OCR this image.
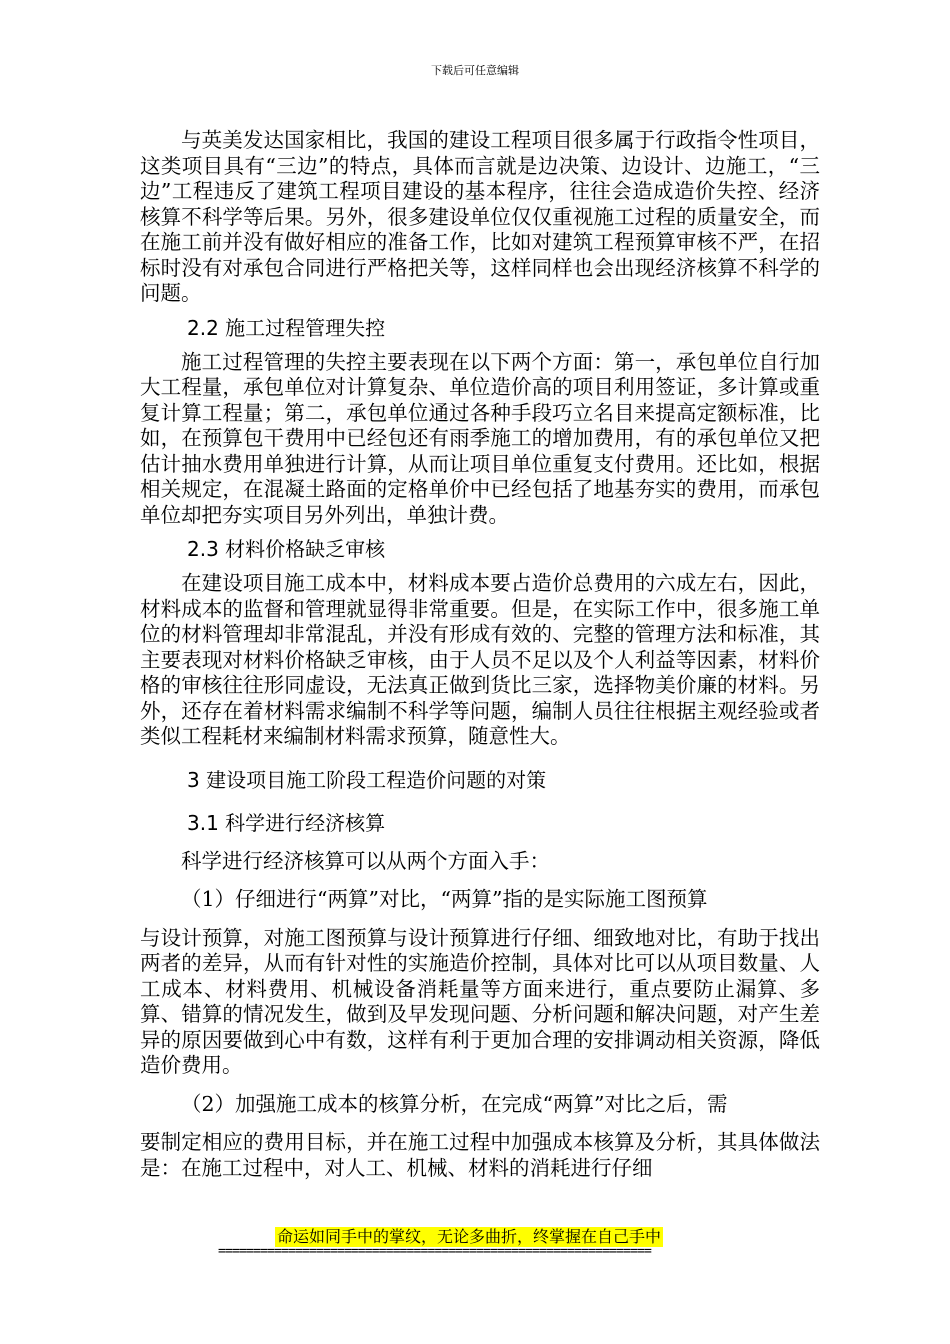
下载后可任意编辑

与英美发达国家相比，我国的建设工程项目很多属于行政指令性项目，这类项目具有“三边”的特点，具体而言就是边决策、边设计、边施工，“三边”工程违反了建筑工程项目建设的基本程序，往往会造成造价失控、经济核算不科学等后果。另外，很多建设单位仅仅重视施工过程的质量安全，而在施工前并没有做好相应的准备工作，比如对建筑工程预算审核不严，在招标时没有对承包合同进行严格把关等，这样同样也会出现经济核算不科学的问题。

2.2 施工过程管理失控

施工过程管理的失控主要表现在以下两个方面：第一，承包单位自行加大工程量，承包单位对计算复杂、单位造价高的项目利用签证，多计算或重复计算工程量；第二，承包单位通过各种手段巧立名目来提高定额标准，比如，在预算包干费用中已经包还有雨季施工的增加费用，有的承包单位又把估计抽水费用单独进行计算，从而让项目单位重复支付费用。还比如，根据相关规定，在混凝土路面的定格单价中已经包括了地基夯实的费用，而承包单位却把夯实项目另外列出，单独计费。

2.3 材料价格缺乏审核

在建设项目施工成本中，材料成本要占造价总费用的六成左右，因此，材料成本的监督和管理就显得非常重要。但是，在实际工作中，很多施工单位的材料管理却非常混乱，并没有形成有效的、完整的管理方法和标准，其主要表现对材料价格缺乏审核，由于人员不足以及个人利益等因素，材料价格的审核往往形同虚设，无法真正做到货比三家，选择物美价廉的材料。另外，还存在着材料需求编制不科学等问题，编制人员往往根据主观经验或者类似工程耗材来编制材料需求预算，随意性大。

3 建设项目施工阶段工程造价问题的对策

3.1 科学进行经济核算

科学进行经济核算可以从两个方面入手：

（1）仔细进行“两算”对比，“两算”指的是实际施工图预算

与设计预算，对施工图预算与设计预算进行仔细、细致地对比，有助于找出两者的差异，从而有针对性的实施造价控制，具体对比可以从项目数量、人工成本、材料费用、机械设备消耗量等方面来进行，重点要防止漏算、多算、错算的情况发生，做到及早发现问题、分析问题和解决问题，对产生差异的原因要做到心中有数，这样有利于更加合理的安排调动相关资源，降低造价费用。

（2）加强施工成本的核算分析，在完成“两算”对比之后，需

要制定相应的费用目标，并在施工过程中加强成本核算及分析，其具体做法是：在施工过程中，对人工、机械、材料的消耗进行仔细

命运如同手中的掌纹，无论多曲折，终掌握在自己手中
==============================================================
